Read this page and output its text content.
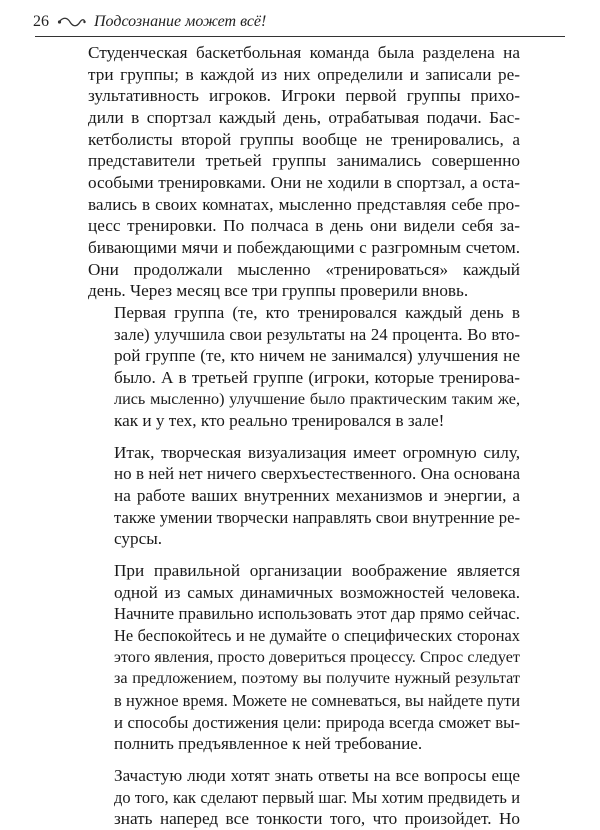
26	Подсознание может всё!

Студенческая баскетбольная команда была разделена на
три группы; в каждой из них определили и записали ре-
зультативность игроков. Игроки первой группы прихо-
дили в спортзал каждый день, отрабатывая подачи. Бас-
кетболисты второй группы вообще не тренировались, а
представители третьей группы занимались совершенно
особыми тренировками. Они не ходили в спортзал, а оста-
вались в своих комнатах, мысленно представляя себе про-
цесс тренировки. По полчаса в день они видели себя за-
бивающими мячи и побеждающими с разгромным счетом.
Они продолжали мысленно «тренироваться» каждый
день. Через месяц все три группы проверили вновь.

Первая группа (те, кто тренировался каждый день в
зале) улучшила свои результаты на 24 процента. Во вто-
рой группе (те, кто ничем не занимался) улучшения не
было. А в третьей группе (игроки, которые тренирова-
лись мысленно) улучшение было практическим таким же,
как и у тех, кто реально тренировался в зале!

Итак, творческая визуализация имеет огромную силу,
но в ней нет ничего сверхъестественного. Она основана
на работе ваших внутренних механизмов и энергии, а
также умении творчески направлять свои внутренние ре-
сурсы.

При правильной организации воображение является
одной из самых динамичных возможностей человека.
Начните правильно использовать этот дар прямо сейчас.
Не беспокойтесь и не думайте о специфических сторонах
этого явления, просто довериться процессу. Спрос следует
за предложением, поэтому вы получите нужный результат
в нужное время. Можете не сомневаться, вы найдете пути
и способы достижения цели: природа всегда сможет вы-
полнить предъявленное к ней требование.

Зачастую люди хотят знать ответы на все вопросы еще
до того, как сделают первый шаг. Мы хотим предвидеть и
знать наперед все тонкости того, что произойдет. Но
